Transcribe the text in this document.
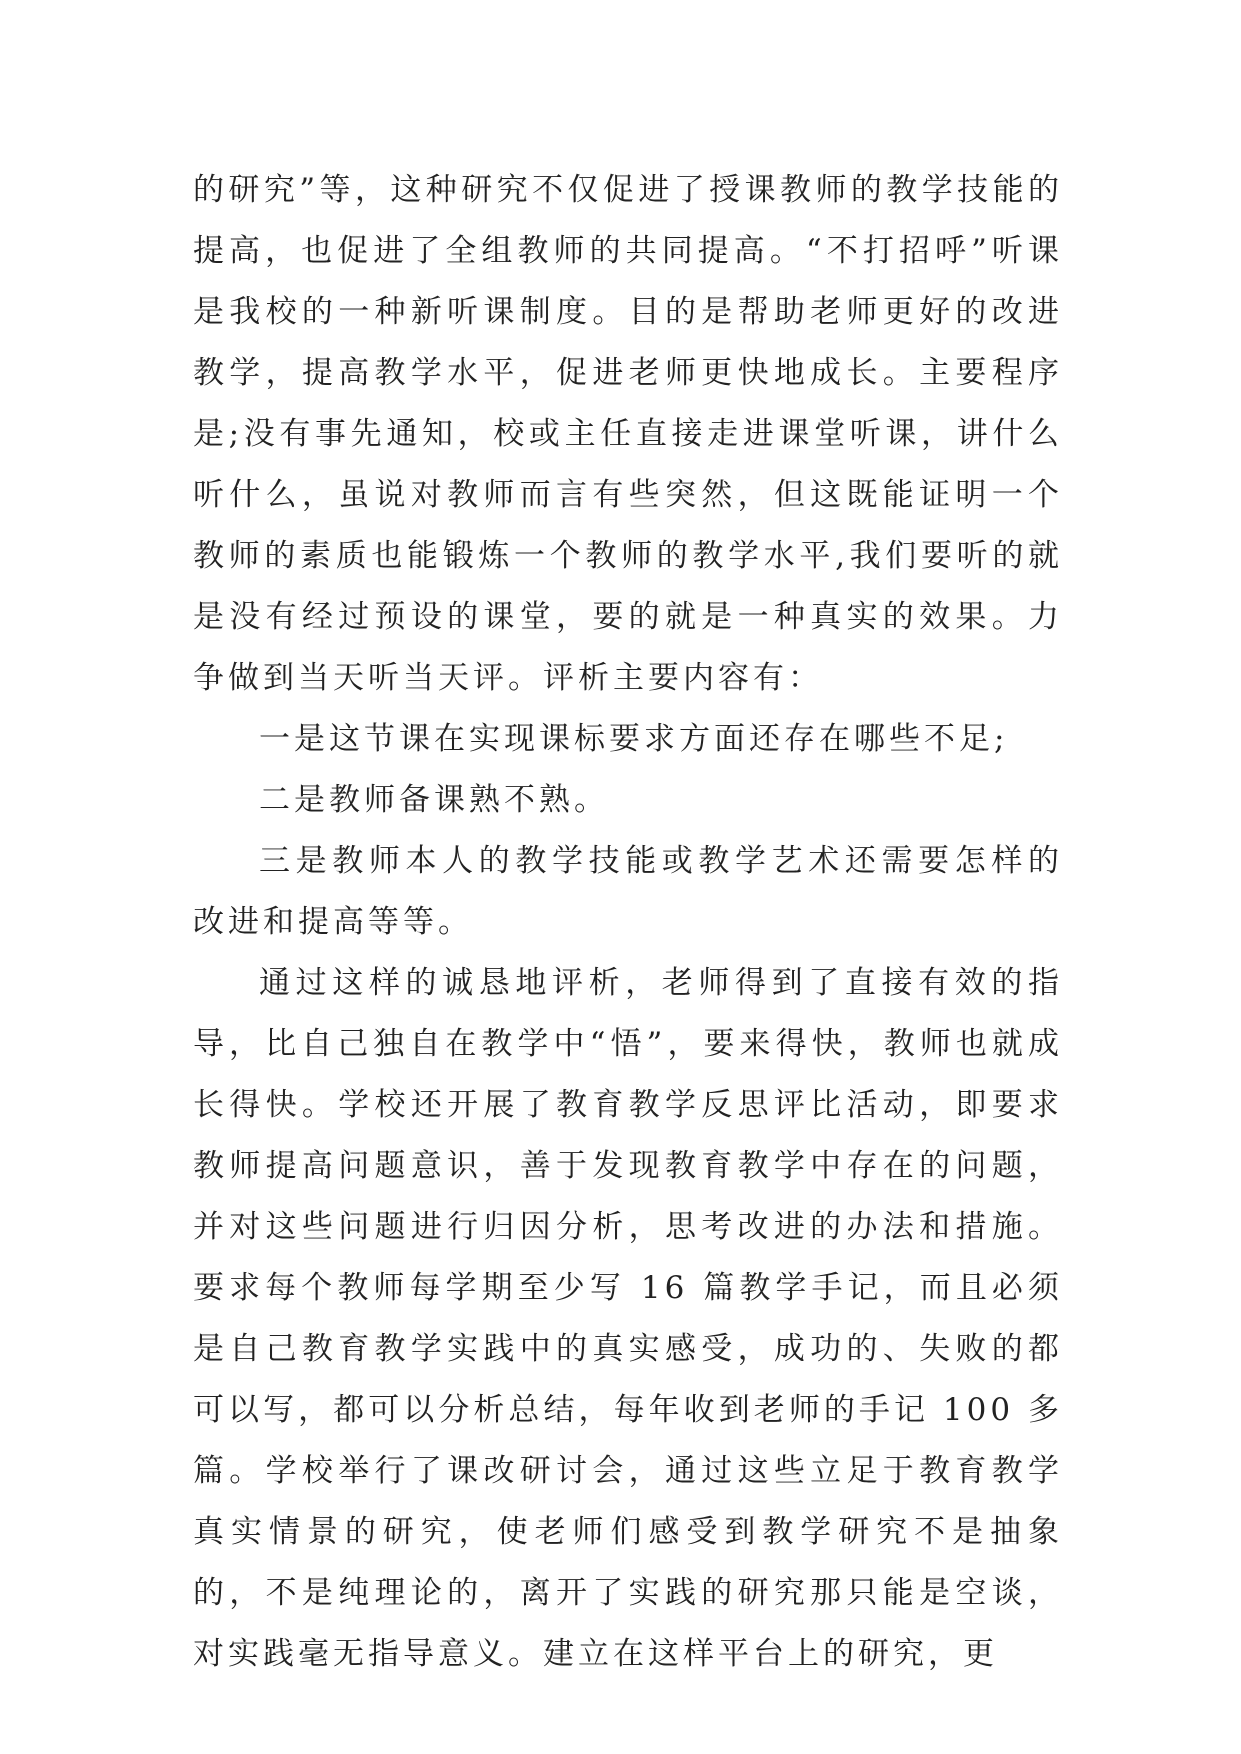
的研究”等，这种研究不仅促进了授课教师的教学技能的提高，也促进了全组教师的共同提高。“不打招呼”听课是我校的一种新听课制度。目的是帮助老师更好的改进教学，提高教学水平，促进老师更快地成长。主要程序是;没有事先通知，校或主任直接走进课堂听课，讲什么听什么，虽说对教师而言有些突然，但这既能证明一个教师的素质也能锻炼一个教师的教学水平,我们要听的就是没有经过预设的课堂，要的就是一种真实的效果。力争做到当天听当天评。评析主要内容有：

一是这节课在实现课标要求方面还存在哪些不足;

二是教师备课熟不熟。

三是教师本人的教学技能或教学艺术还需要怎样的改进和提高等等。

通过这样的诚恳地评析，老师得到了直接有效的指导，比自己独自在教学中“悟”，要来得快，教师也就成长得快。学校还开展了教育教学反思评比活动，即要求教师提高问题意识，善于发现教育教学中存在的问题，并对这些问题进行归因分析，思考改进的办法和措施。要求每个教师每学期至少写 16 篇教学手记，而且必须是自己教育教学实践中的真实感受，成功的、失败的都可以写，都可以分析总结，每年收到老师的手记 100 多篇。学校举行了课改研讨会，通过这些立足于教育教学真实情景的研究，使老师们感受到教学研究不是抽象的，不是纯理论的，离开了实践的研究那只能是空谈，对实践毫无指导意义。建立在这样平台上的研究，更
